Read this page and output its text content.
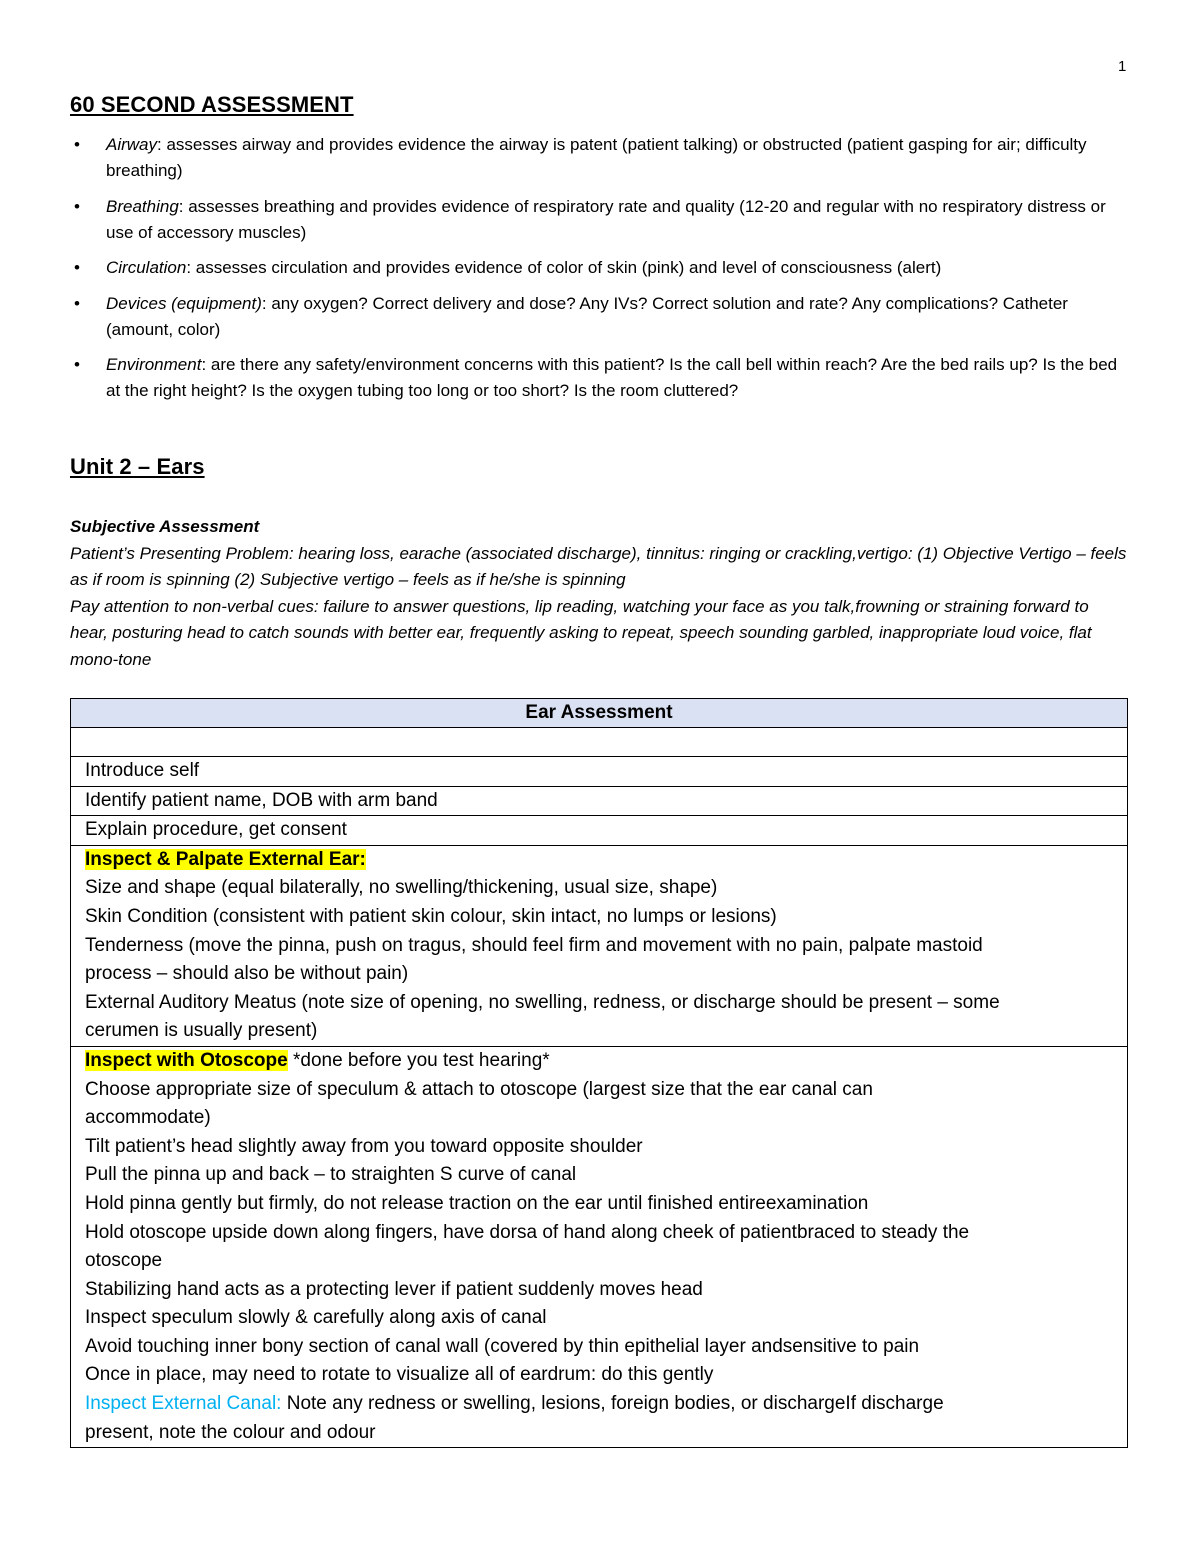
1
60 SECOND ASSESSMENT
• Airway: assesses airway and provides evidence the airway is patent (patient talking) or obstructed (patient gasping for air; difficulty breathing)
• Breathing: assesses breathing and provides evidence of respiratory rate and quality (12-20 and regular with no respiratory distress or use of accessory muscles)
• Circulation: assesses circulation and provides evidence of color of skin (pink) and level of consciousness (alert)
• Devices (equipment): any oxygen? Correct delivery and dose? Any IVs? Correct solution and rate? Any complications? Catheter (amount, color)
• Environment: are there any safety/environment concerns with this patient? Is the call bell within reach? Are the bed rails up? Is the bed at the right height? Is the oxygen tubing too long or too short? Is the room cluttered?
Unit 2 – Ears

Subjective Assessment

Patient’s Presenting Problem: hearing loss, earache (associated discharge), tinnitus: ringing or crackling,vertigo: (1) Objective Vertigo – feels as if room is spinning (2) Subjective vertigo – feels as if he/she is spinning

Pay attention to non-verbal cues: failure to answer questions, lip reading, watching your face as you talk,frowning or straining forward to hear, posturing head to catch sounds with better ear, frequently asking to repeat, speech sounding garbled, inappropriate loud voice, flat mono-tone

Ear Assessment

Introduce self
Identify patient name, DOB with arm band
Explain procedure, get consent
Inspect & Palpate External Ear:
Size and shape (equal bilaterally, no swelling/thickening, usual size, shape)
Skin Condition (consistent with patient skin colour, skin intact, no lumps or lesions)
Tenderness (move the pinna, push on tragus, should feel firm and movement with no pain, palpate mastoid
process – should also be without pain)
External Auditory Meatus (note size of opening, no swelling, redness, or discharge should be present – some
cerumen is usually present)

Inspect with Otoscope *done before you test hearing*
Choose appropriate size of speculum & attach to otoscope (largest size that the ear canal can
accommodate)
Tilt patient’s head slightly away from you toward opposite shoulder
Pull the pinna up and back – to straighten S curve of canal
Hold pinna gently but firmly, do not release traction on the ear until finished entireexamination
Hold otoscope upside down along fingers, have dorsa of hand along cheek of patientbraced to steady the
otoscope
Stabilizing hand acts as a protecting lever if patient suddenly moves head
Inspect speculum slowly & carefully along axis of canal
Avoid touching inner bony section of canal wall (covered by thin epithelial layer andsensitive to pain
Once in place, may need to rotate to visualize all of eardrum: do this gently
Inspect External Canal: Note any redness or swelling, lesions, foreign bodies, or dischargeIf discharge
present, note the colour and odour
